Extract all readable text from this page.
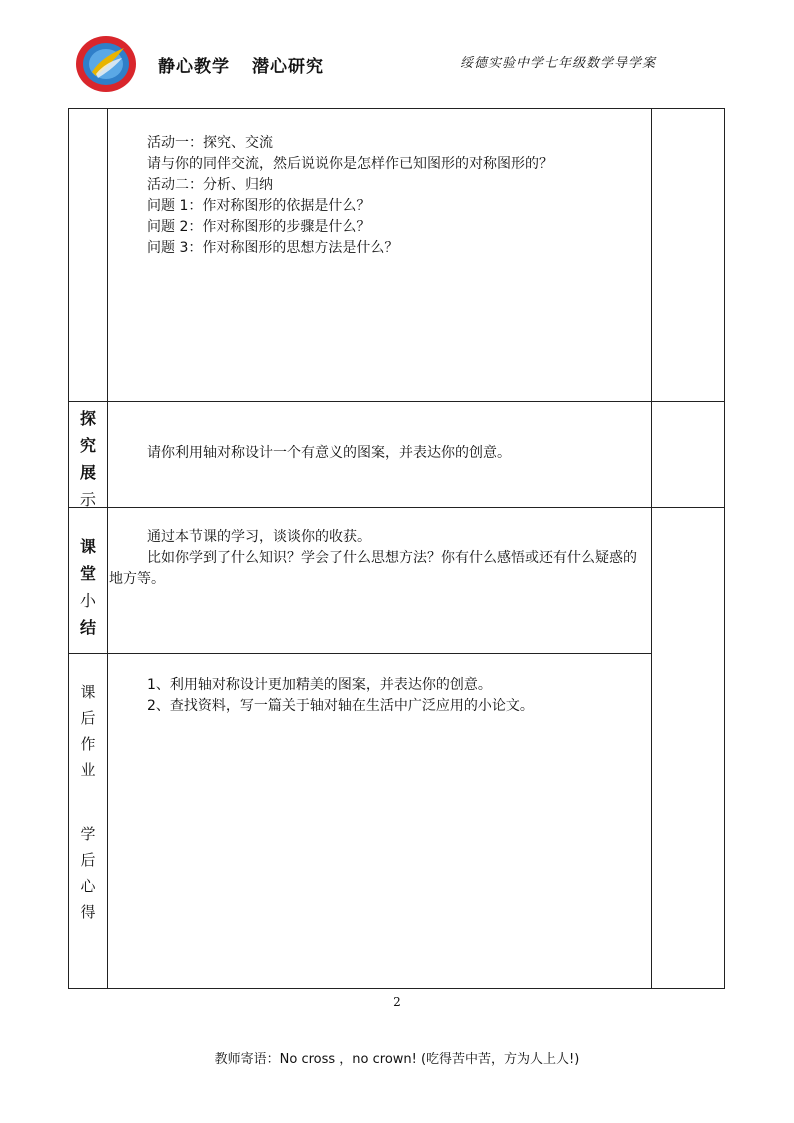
静心教学 潜心研究	绥德实验中学七年级数学导学案

活动一：探究、交流

请与你的同伴交流，然后说说你是怎样作已知图形的对称图形的？

活动二：分析、归纳

问题 1：作对称图形的依据是什么？

问题 2：作对称图形的步骤是什么？

问题 3：作对称图形的思想方法是什么？

探
究
展
示

请你利用轴对称设计一个有意义的图案，并表达你的创意。

课
堂
小
结

通过本节课的学习，谈谈你的收获。

比如你学到了什么知识？学会了什么思想方法？你有什么感悟或还有什么疑惑的地方等。

课
后
作
业
学
后
心
得

1、利用轴对称设计更加精美的图案，并表达你的创意。

2、查找资料，写一篇关于轴对轴在生活中广泛应用的小论文。

2
教师寄语：No cross ，no crown! (吃得苦中苦，方为人上人!)
